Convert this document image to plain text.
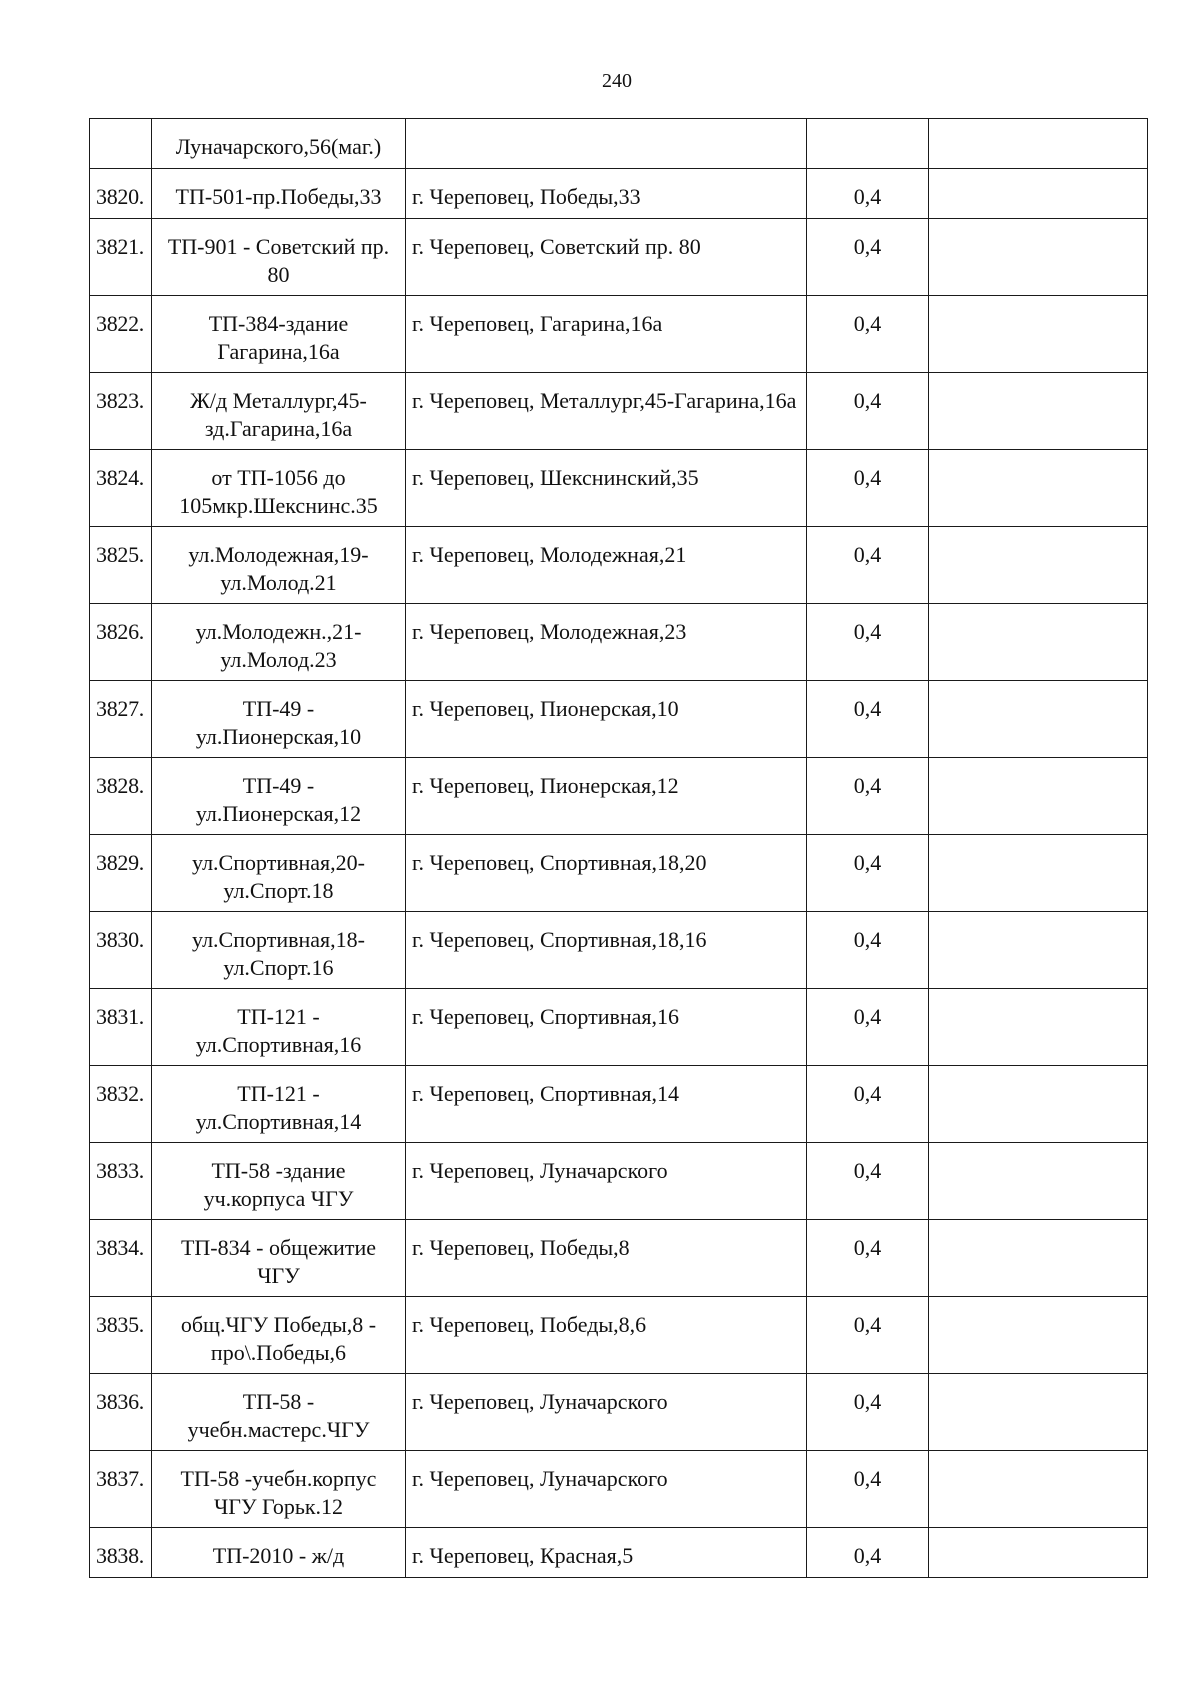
240
	Луначарского,56(маг.)			
3820.	ТП-501-пр.Победы,33	г. Череповец, Победы,33	0,4	
3821.	ТП-901 - Советский пр. 80	г. Череповец, Советский пр. 80	0,4	
3822.	ТП-384-здание Гагарина,16а	г. Череповец, Гагарина,16а	0,4	
3823.	Ж/д Металлург,45-зд.Гагарина,16а	г. Череповец, Металлург,45-Гагарина,16а	0,4	
3824.	от ТП-1056 до 105мкр.Шекснинс.35	г. Череповец, Шекснинский,35	0,4	
3825.	ул.Молодежная,19-ул.Молод.21	г. Череповец, Молодежная,21	0,4	
3826.	ул.Молодежн.,21-ул.Молод.23	г. Череповец, Молодежная,23	0,4	
3827.	ТП-49 - ул.Пионерская,10	г. Череповец, Пионерская,10	0,4	
3828.	ТП-49 - ул.Пионерская,12	г. Череповец, Пионерская,12	0,4	
3829.	ул.Спортивная,20-ул.Спорт.18	г. Череповец, Спортивная,18,20	0,4	
3830.	ул.Спортивная,18-ул.Спорт.16	г. Череповец, Спортивная,18,16	0,4	
3831.	ТП-121 - ул.Спортивная,16	г. Череповец, Спортивная,16	0,4	
3832.	ТП-121 - ул.Спортивная,14	г. Череповец, Спортивная,14	0,4	
3833.	ТП-58 -здание уч.корпуса ЧГУ	г. Череповец, Луначарского	0,4	
3834.	ТП-834 - общежитие ЧГУ	г. Череповец, Победы,8	0,4	
3835.	общ.ЧГУ Победы,8 - про\.Победы,6	г. Череповец, Победы,8,6	0,4	
3836.	ТП-58 - учебн.мастерс.ЧГУ	г. Череповец, Луначарского	0,4	
3837.	ТП-58 -учебн.корпус ЧГУ Горьк.12	г. Череповец, Луначарского	0,4	
3838.	ТП-2010 - ж/д	г. Череповец, Красная,5	0,4	
